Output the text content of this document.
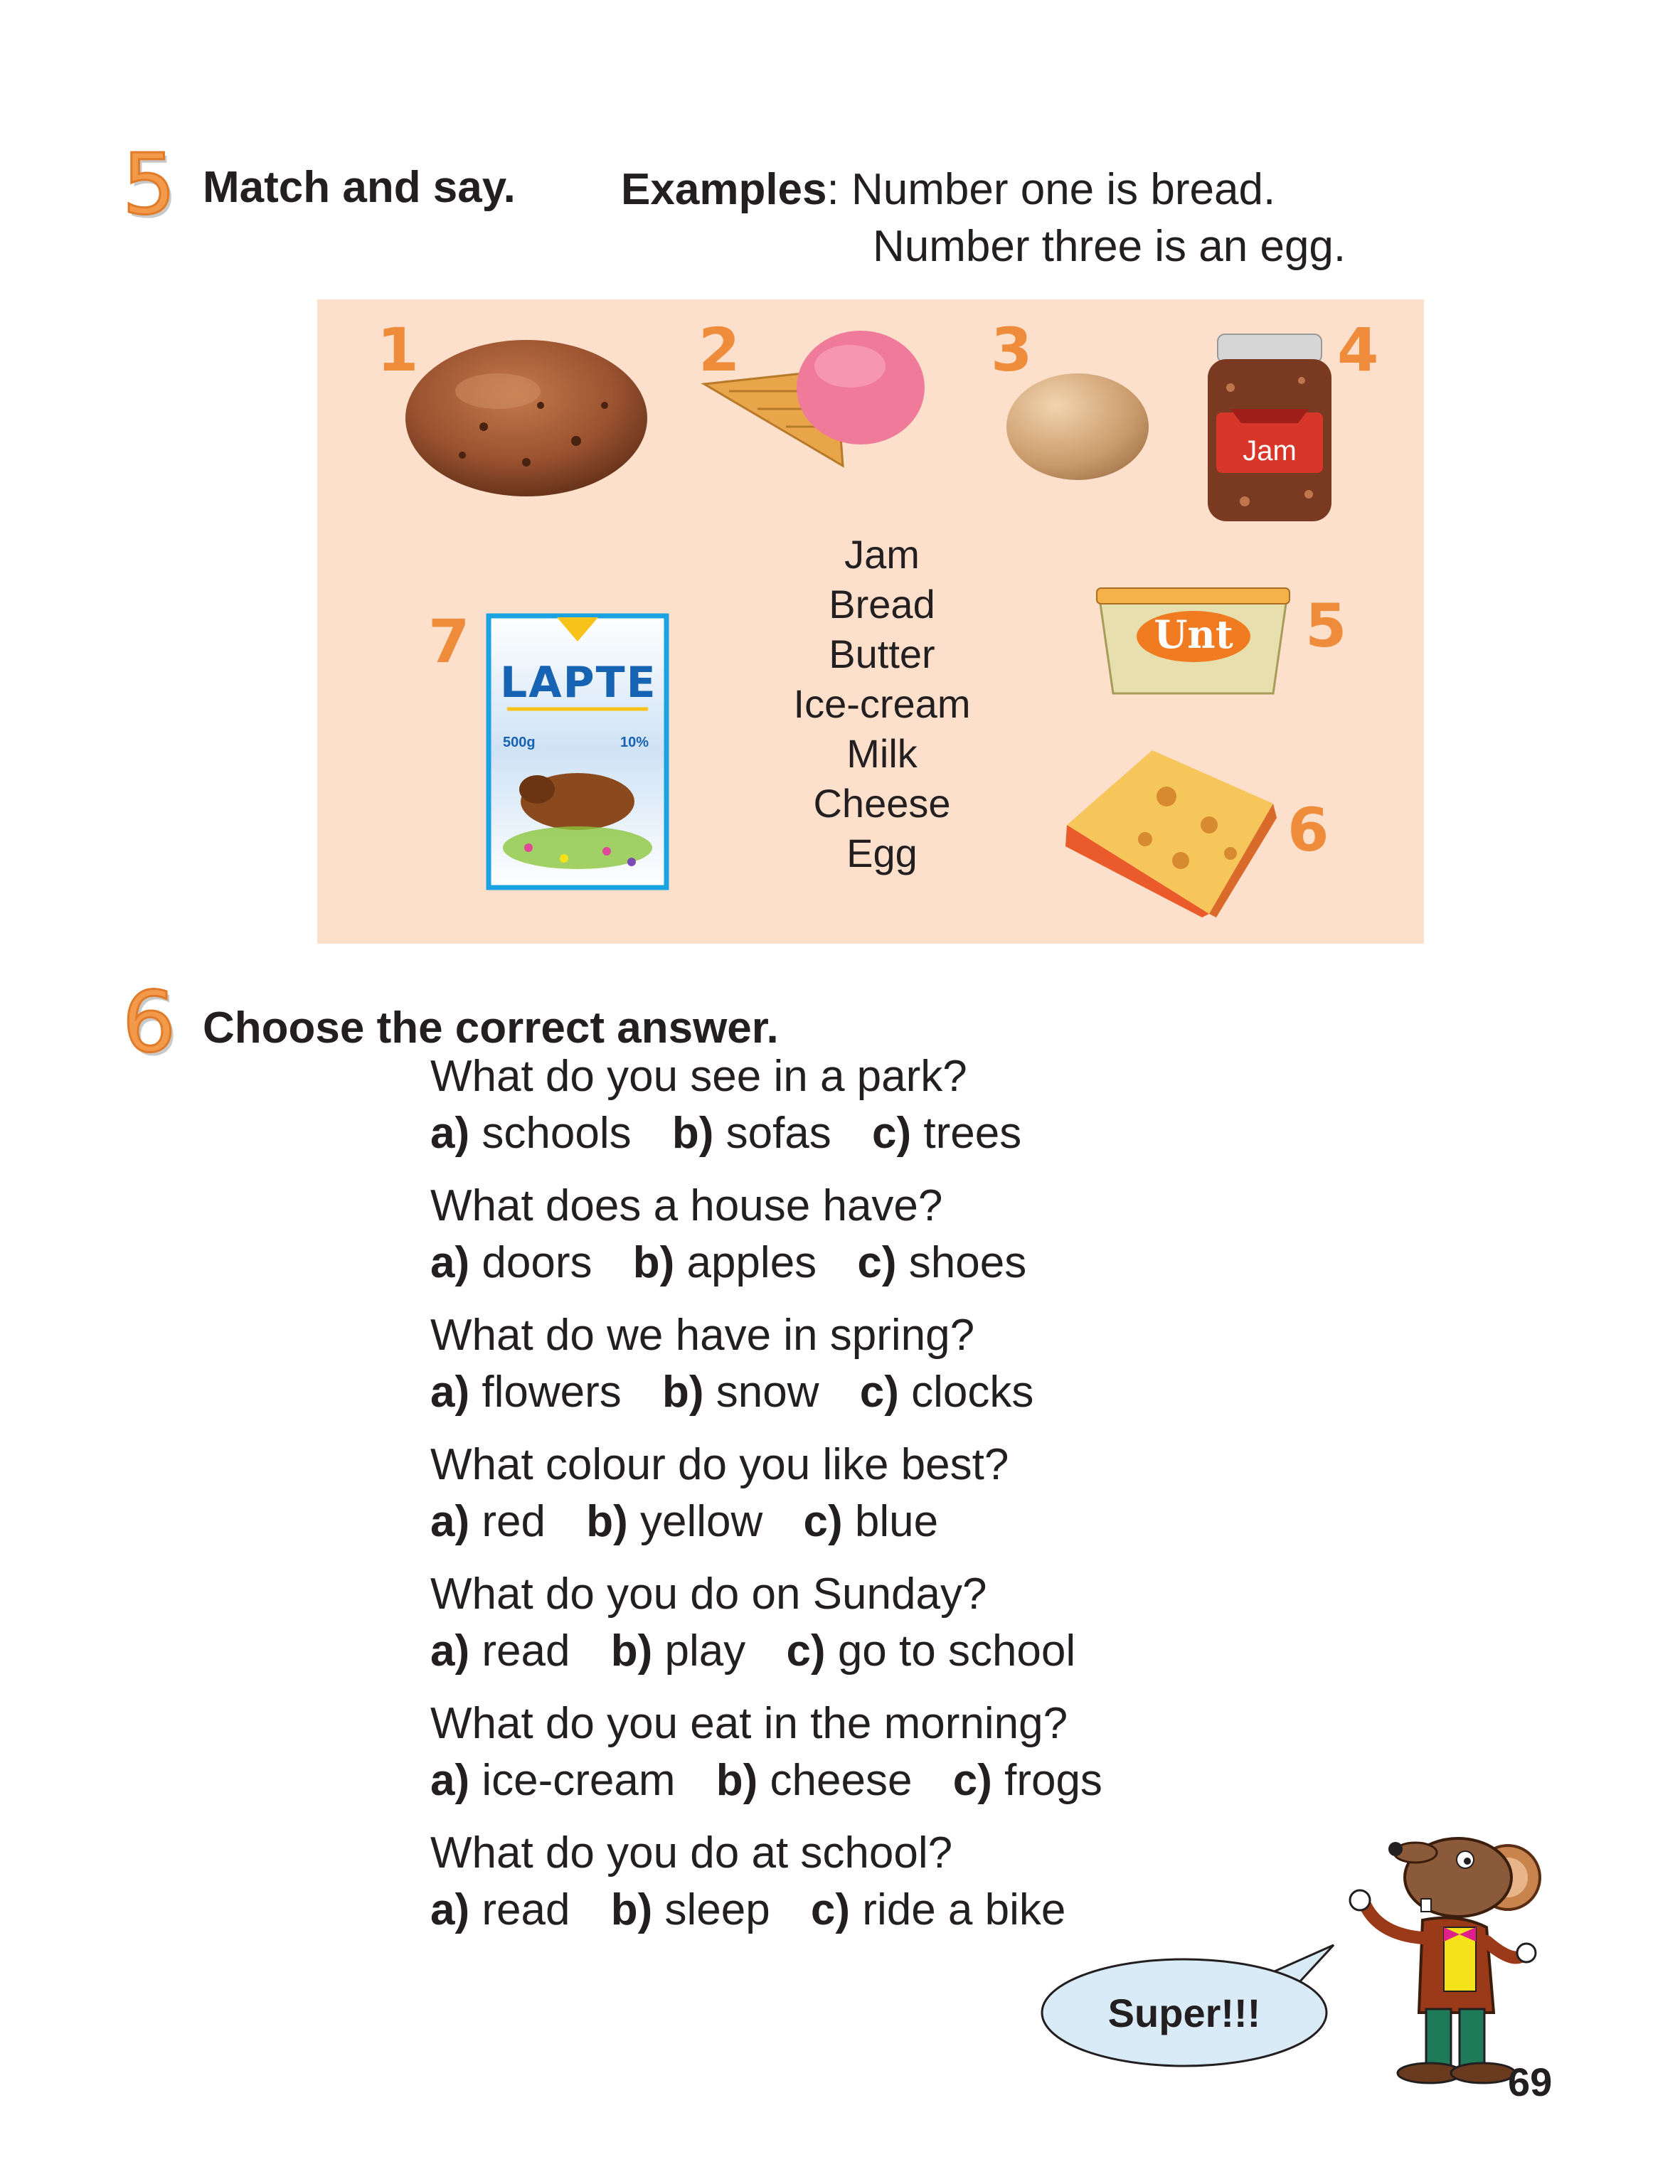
5 Match and say. Examples: Number one is bread.
Number three is an egg.
1	2	3	4
Jam
Jam
Bread
Butter
Ice-cream
Milk
Cheese
Egg
5
Unt
6
7
LAPTE
500g	10%
6 Choose the correct answer.
What do you see in a park?
a) schools b) sofas c) trees
What does a house have?
a) doors b) apples c) shoes
What do we have in spring?
a) flowers b) snow c) clocks
What colour do you like best?
a) red b) yellow c) blue
What do you do on Sunday?
a) read b) play c) go to school
What do you eat in the morning?
a) ice-cream b) cheese c) frogs
What do you do at school?
a) read b) sleep c) ride a bike
Super!!!
69
